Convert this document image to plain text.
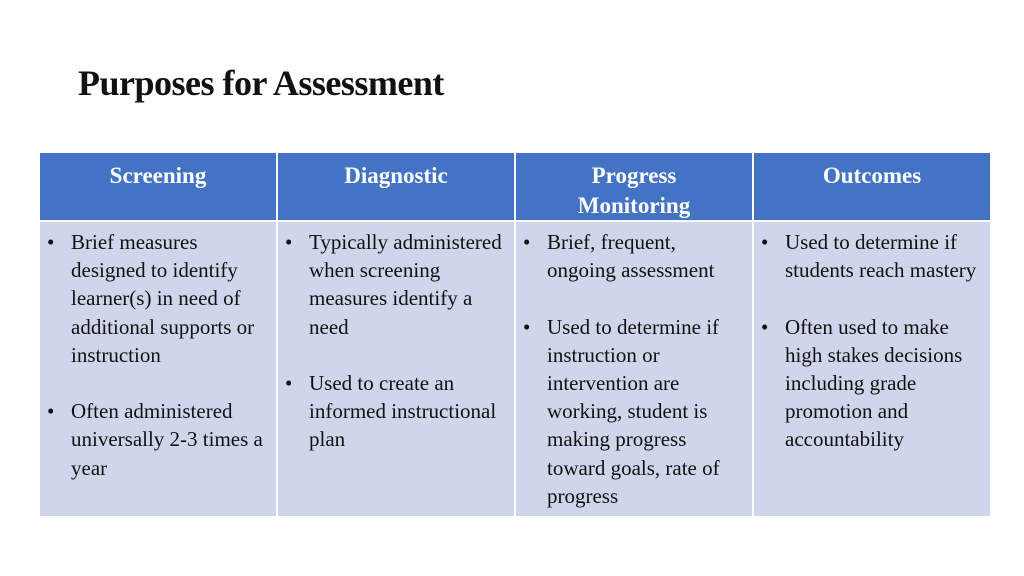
Purposes for Assessment
Screening	Diagnostic	Progress
Monitoring
Outcomes

• Brief measures designed to identify learner(s) in need of additional supports or instruction

• Often administered universally 2-3 times a year

• Typically administered when screening measures identify a need

• Used to create an informed instructional plan

• Brief, frequent, ongoing assessment

• Used to determine if instruction or intervention are working, student is making progress toward goals, rate of progress

• Used to determine if students reach mastery

• Often used to make high stakes decisions including grade promotion and accountability
